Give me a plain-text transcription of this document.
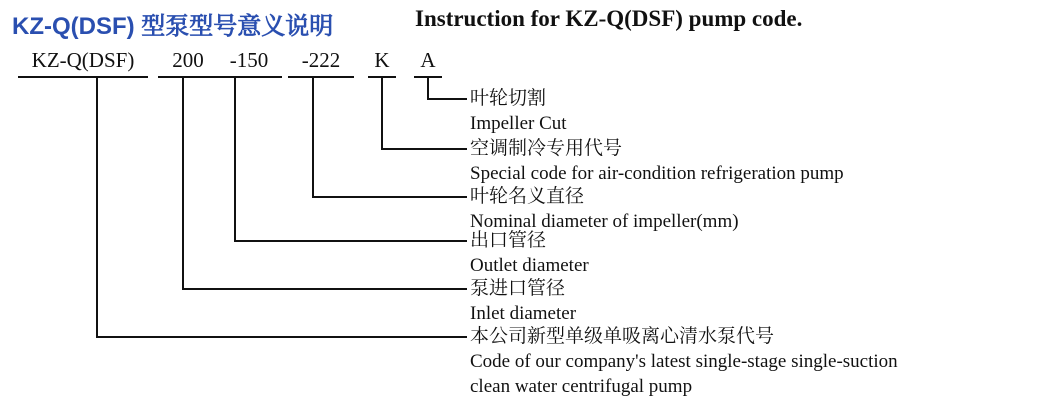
KZ-Q(DSF) 型泵型号意义说明	Instruction for KZ-Q(DSF) pump code.
KZ-Q(DSF)	200	-150	-222	K A
叶轮切割
Impeller Cut
空调制冷专用代号
Special code for air-condition refrigeration pump
叶轮名义直径
Nominal diameter of impeller(mm)
出口管径
Outlet diameter
泵进口管径
Inlet diameter
本公司新型单级单吸离心清水泵代号
Code of our company's latest single-stage single-suction
clean water centrifugal pump
